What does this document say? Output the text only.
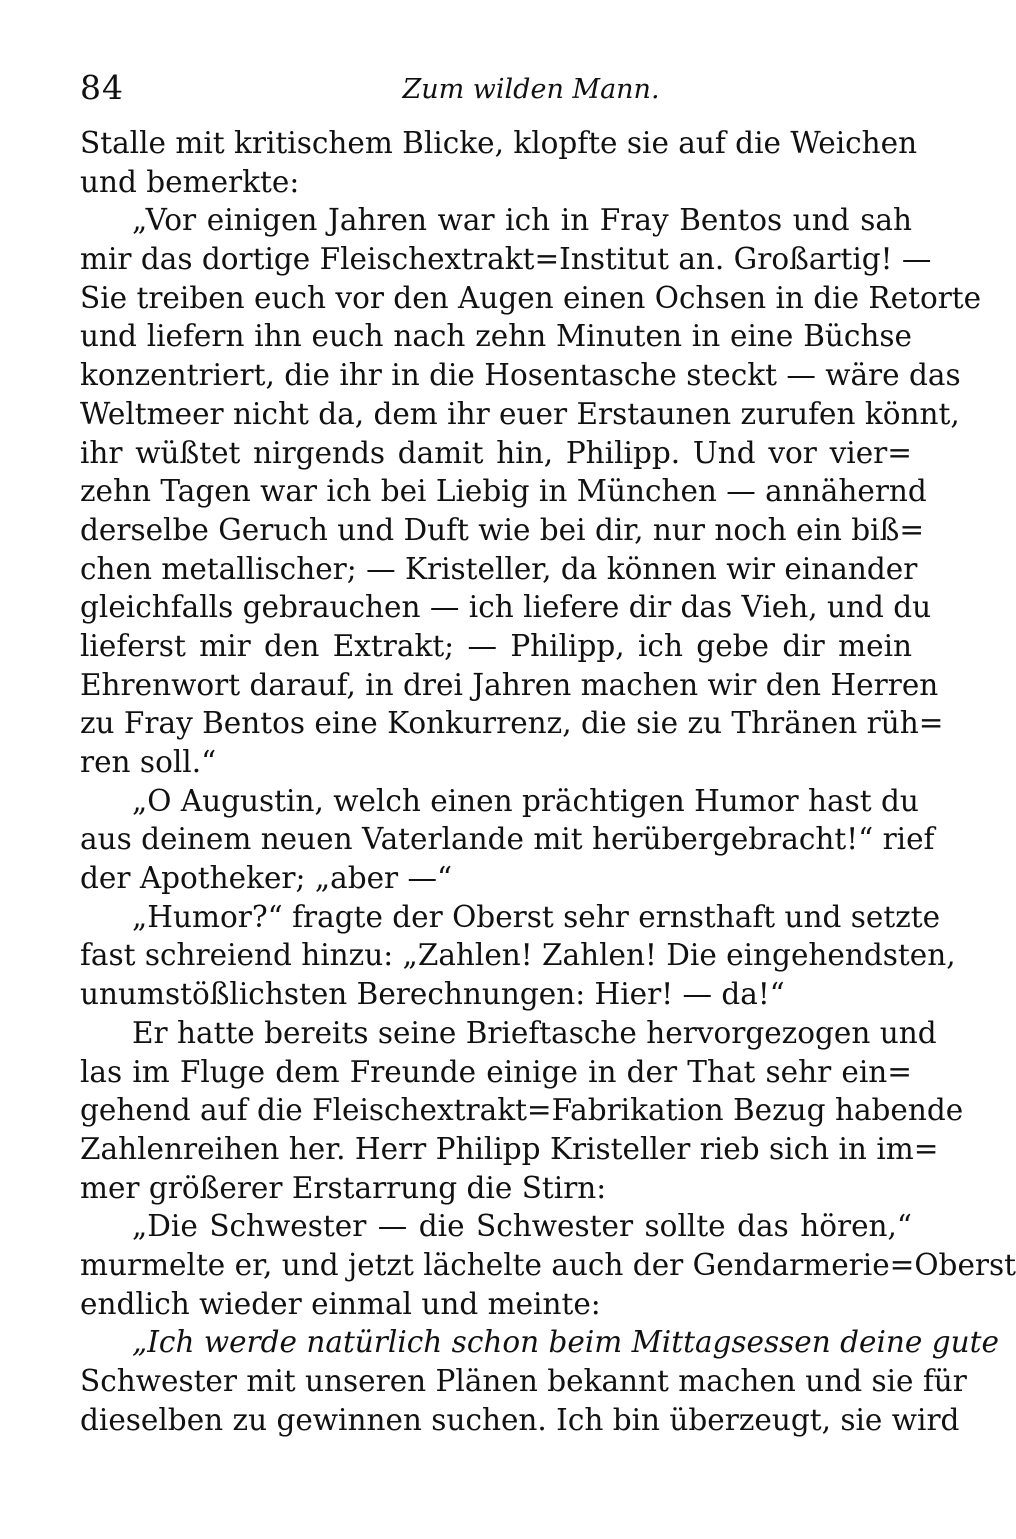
84	Zum wilden Mann.
Stalle mit kritischem Blicke, klopfte sie auf die Weichen
und bemerkte:
„Vor einigen Jahren war ich in Fray Bentos und sah
mir das dortige Fleischextrakt=Institut an. Großartig! —
Sie treiben euch vor den Augen einen Ochsen in die Retorte
und liefern ihn euch nach zehn Minuten in eine Büchse
konzentriert, die ihr in die Hosentasche steckt — wäre das
Weltmeer nicht da, dem ihr euer Erstaunen zurufen könnt,
ihr wüßtet nirgends damit hin, Philipp. Und vor vier=
zehn Tagen war ich bei Liebig in München — annähernd
derselbe Geruch und Duft wie bei dir, nur noch ein biß=
chen metallischer; — Kristeller, da können wir einander
gleichfalls gebrauchen — ich liefere dir das Vieh, und du
lieferst mir den Extrakt; — Philipp, ich gebe dir mein
Ehrenwort darauf, in drei Jahren machen wir den Herren
zu Fray Bentos eine Konkurrenz, die sie zu Thränen rüh=
ren soll.“
„O Augustin, welch einen prächtigen Humor hast du
aus deinem neuen Vaterlande mit herübergebracht!“ rief
der Apotheker; „aber —“
„Humor?“ fragte der Oberst sehr ernsthaft und setzte
fast schreiend hinzu: „Zahlen! Zahlen! Die eingehendsten,
unumstößlichsten Berechnungen: Hier! — da!“
Er hatte bereits seine Brieftasche hervorgezogen und
las im Fluge dem Freunde einige in der That sehr ein=
gehend auf die Fleischextrakt=Fabrikation Bezug habende
Zahlenreihen her. Herr Philipp Kristeller rieb sich in im=
mer größerer Erstarrung die Stirn:
„Die Schwester — die Schwester sollte das hören,“
murmelte er, und jetzt lächelte auch der Gendarmerie=Oberst
endlich wieder einmal und meinte:
„Ich werde natürlich schon beim Mittagsessen deine gute
Schwester mit unseren Plänen bekannt machen und sie für
dieselben zu gewinnen suchen. Ich bin überzeugt, sie wird
